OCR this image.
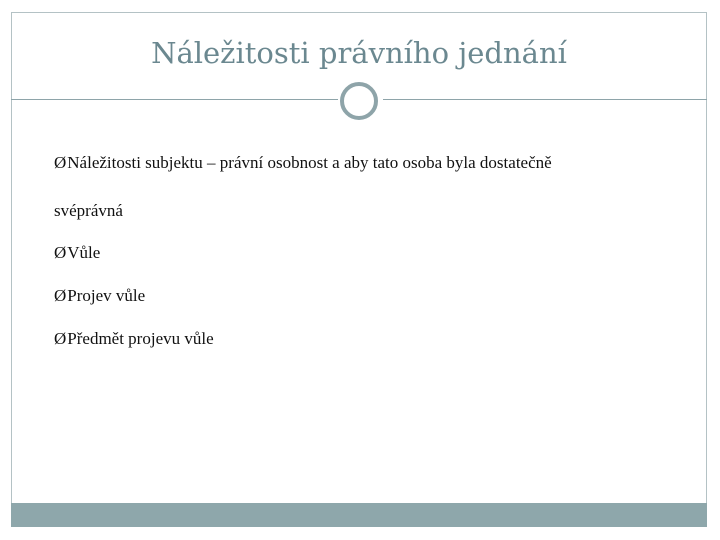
Náležitosti právního jednání
ØNáležitosti subjektu – právní osobnost a aby tato osoba byla dostatečně
svéprávná
ØVůle
ØProjev vůle
ØPředmět projevu vůle
